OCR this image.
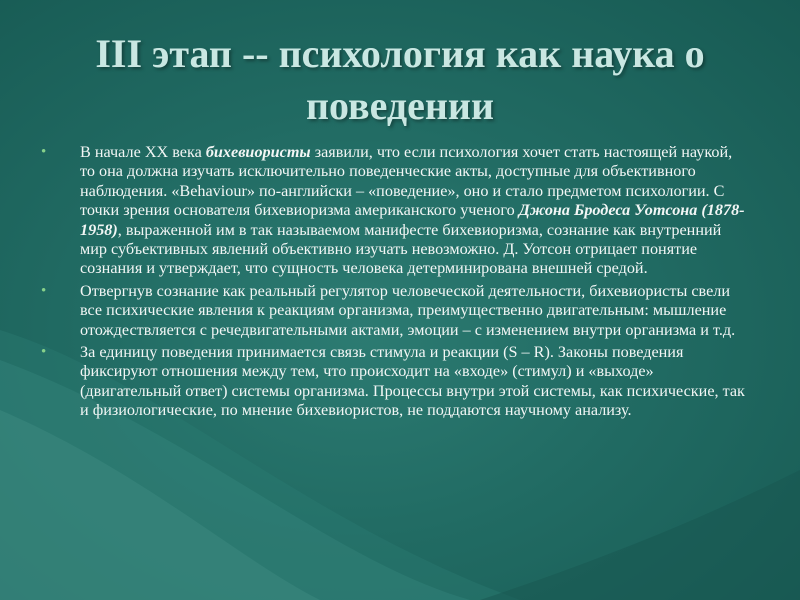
III этап -- психология как наука о поведении
• В начале XX века бихевиористы заявили, что если психология хочет стать настоящей наукой, то она должна изучать исключительно поведенческие акты, доступные для объективного наблюдения. «Behaviour» по-английски – «поведение», оно и стало предметом психологии. С точки зрения основателя бихевиоризма американского ученого Джона Бродеса Уотсона (1878-1958), выраженной им в так называемом манифесте бихевиоризма, сознание как внутренний мир субъективных явлений объективно изучать невозможно. Д. Уотсон отрицает понятие сознания и утверждает, что сущность человека детерминирована внешней средой.
• Отвергнув сознание как реальный регулятор человеческой деятельности, бихевиористы свели все психические явления к реакциям организма, преимущественно двигательным: мышление отождествляется с речедвигательными актами, эмоции – с изменением внутри организма и т.д.
• За единицу поведения принимается связь стимула и реакции (S – R). Законы поведения фиксируют отношения между тем, что происходит на «входе» (стимул) и «выходе» (двигательный ответ) системы организма. Процессы внутри этой системы, как психические, так и физиологические, по мнение бихевиористов, не поддаются научному анализу.
